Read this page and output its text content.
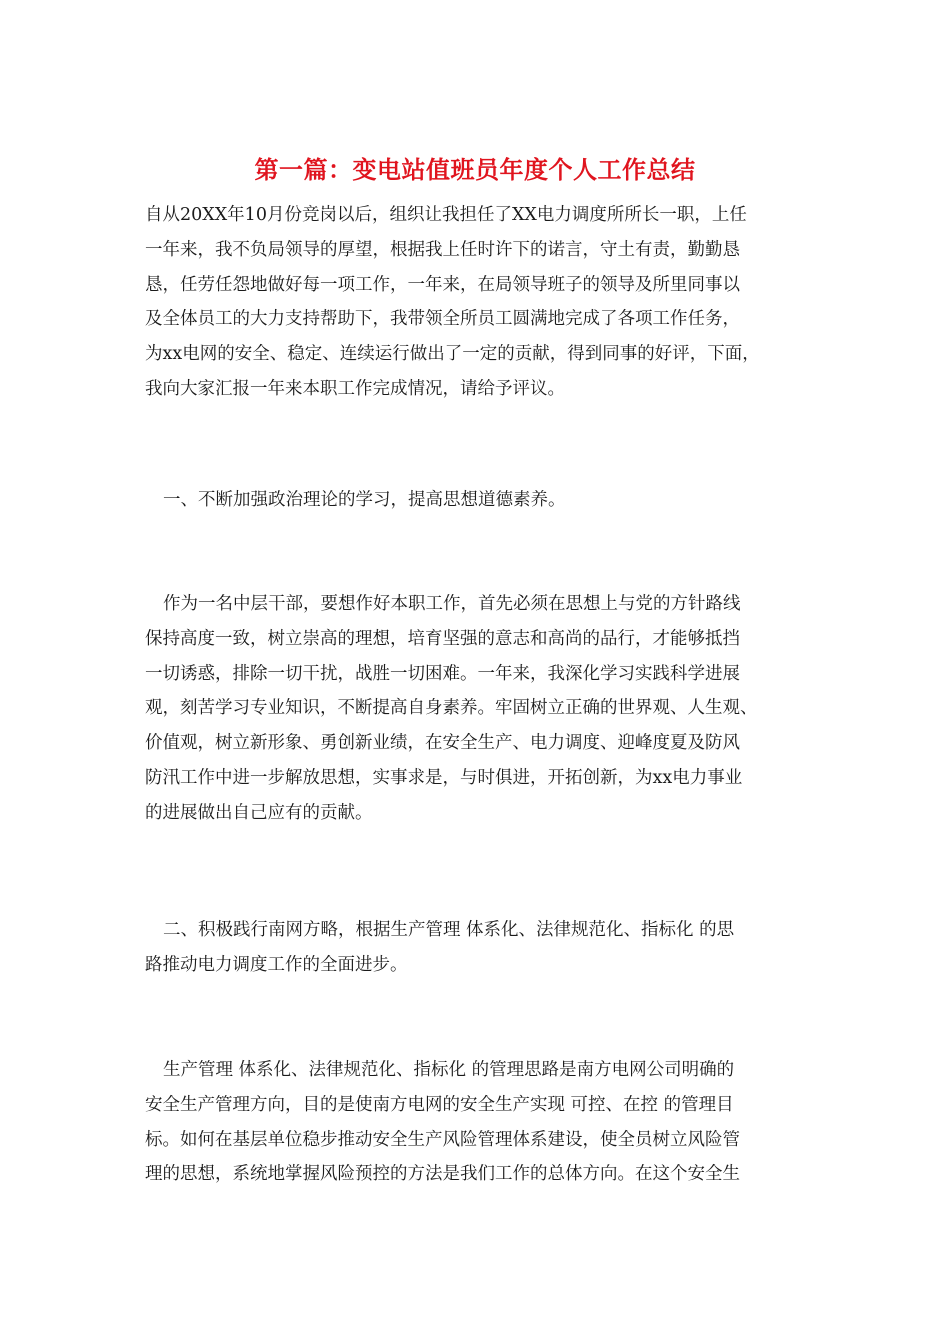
第一篇：变电站值班员年度个人工作总结

自从20XX年10月份竞岗以后，组织让我担任了XX电力调度所所长一职，上任
一年来，我不负局领导的厚望，根据我上任时许下的诺言，守土有责，勤勤恳
恳，任劳任怨地做好每一项工作，一年来，在局领导班子的领导及所里同事以
及全体员工的大力支持帮助下，我带领全所员工圆满地完成了各项工作任务，
为xx电网的安全、稳定、连续运行做出了一定的贡献，得到同事的好评，下面，
我向大家汇报一年来本职工作完成情况，请给予评议。

一、不断加强政治理论的学习，提高思想道德素养。

作为一名中层干部，要想作好本职工作，首先必须在思想上与党的方针路线
保持高度一致，树立崇高的理想，培育坚强的意志和高尚的品行，才能够抵挡
一切诱惑，排除一切干扰，战胜一切困难。一年来，我深化学习实践科学进展
观，刻苦学习专业知识，不断提高自身素养。牢固树立正确的世界观、人生观、
价值观，树立新形象、勇创新业绩，在安全生产、电力调度、迎峰度夏及防风
防汛工作中进一步解放思想，实事求是，与时俱进，开拓创新，为xx电力事业
的进展做出自己应有的贡献。

二、积极践行南网方略，根据生产管理 体系化、法律规范化、指标化 的思
路推动电力调度工作的全面进步。

生产管理 体系化、法律规范化、指标化 的管理思路是南方电网公司明确的
安全生产管理方向，目的是使南方电网的安全生产实现 可控、在控 的管理目
标。如何在基层单位稳步推动安全生产风险管理体系建设，使全员树立风险管
理的思想，系统地掌握风险预控的方法是我们工作的总体方向。在这个安全生
